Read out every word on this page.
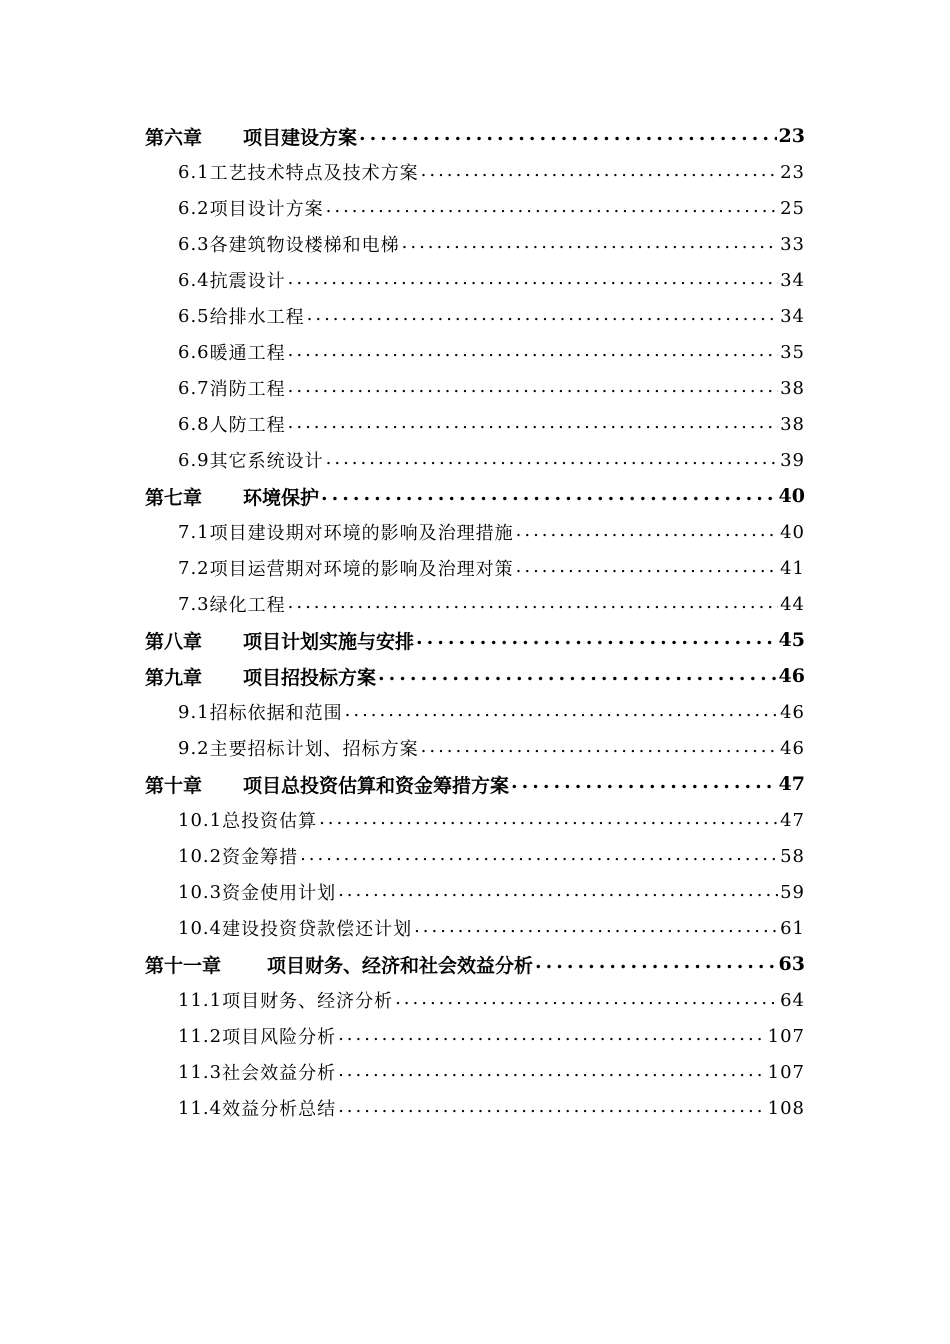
第六章	项目建设方案 .....	23
6.1 工艺技术特点及技术方案 .....	23
6.2 项目设计方案 .....	25
6.3 各建筑物设楼梯和电梯 .....	33
6.4 抗震设计 .....	34
6.5 给排水工程 .....	34
6.6 暖通工程 .....	35
6.7 消防工程 .....	38
6.8 人防工程 .....	38
6.9 其它系统设计 .....	39
第七章	环境保护 .....	40
7.1 项目建设期对环境的影响及治理措施 .....	40
7.2 项目运营期对环境的影响及治理对策 .....	41
7.3 绿化工程 .....	44
第八章	项目计划实施与安排 .....	45
第九章	项目招投标方案 .....	46
9.1 招标依据和范围 .....	46
9.2 主要招标计划、招标方案 .....	46
第十章	项目总投资估算和资金筹措方案 .....	47
10.1 总投资估算 .....	47
10.2 资金筹措 .....	58
10.3 资金使用计划 .....	59
10.4 建设投资贷款偿还计划 .....	61
第十一章	项目财务、经济和社会效益分析 .....	63
11.1 项目财务、经济分析 .....	64
11.2 项目风险分析 .....	107
11.3 社会效益分析 .....	107
11.4 效益分析总结 .....	108
